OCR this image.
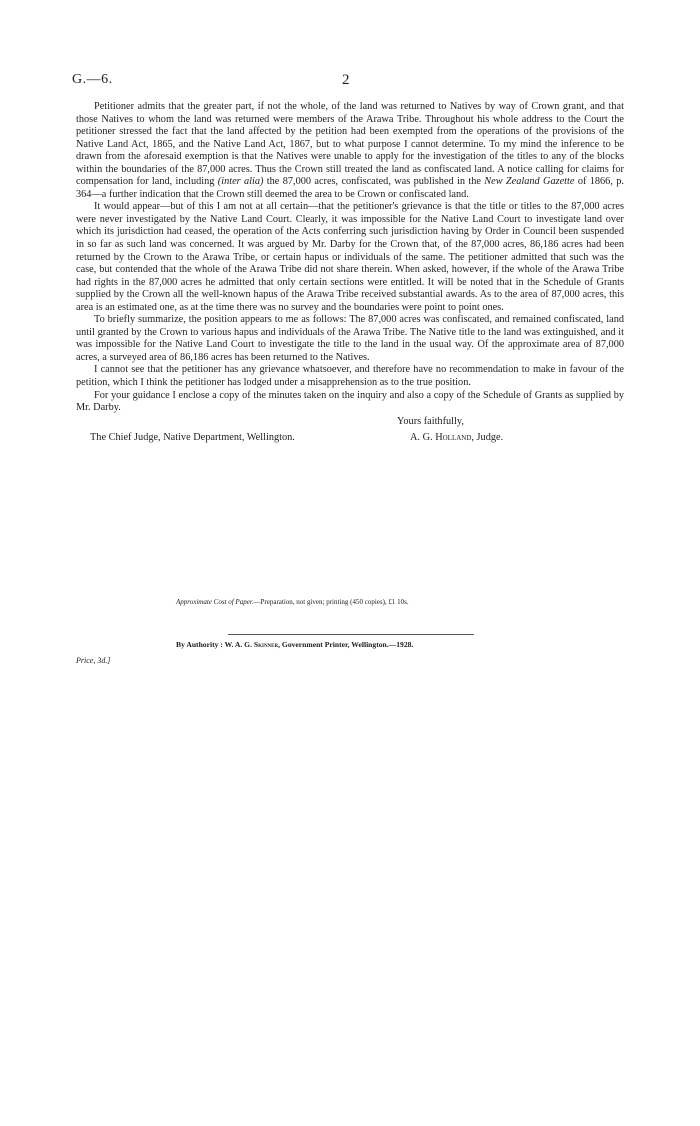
G.—6.	2

Petitioner admits that the greater part, if not the whole, of the land was returned to Natives by way of Crown grant, and that those Natives to whom the land was returned were members of the Arawa Tribe. Throughout his whole address to the Court the petitioner stressed the fact that the land affected by the petition had been exempted from the operations of the provisions of the Native Land Act, 1865, and the Native Land Act, 1867, but to what purpose I cannot determine. To my mind the inference to be drawn from the aforesaid exemption is that the Natives were unable to apply for the investigation of the titles to any of the blocks within the boundaries of the 87,000 acres. Thus the Crown still treated the land as confiscated land. A notice calling for claims for compensation for land, including (inter alia) the 87,000 acres, confiscated, was published in the New Zealand Gazette of 1866, p. 364—a further indication that the Crown still deemed the area to be Crown or confiscated land.

It would appear—but of this I am not at all certain—that the petitioner's grievance is that the title or titles to the 87,000 acres were never investigated by the Native Land Court. Clearly, it was impossible for the Native Land Court to investigate land over which its jurisdiction had ceased, the operation of the Acts conferring such jurisdiction having by Order in Council been suspended in so far as such land was concerned. It was argued by Mr. Darby for the Crown that, of the 87,000 acres, 86,186 acres had been returned by the Crown to the Arawa Tribe, or certain hapus or individuals of the same. The petitioner admitted that such was the case, but contended that the whole of the Arawa Tribe did not share therein. When asked, however, if the whole of the Arawa Tribe had rights in the 87,000 acres he admitted that only certain sections were entitled. It will be noted that in the Schedule of Grants supplied by the Crown all the well-known hapus of the Arawa Tribe received substantial awards. As to the area of 87,000 acres, this area is an estimated one, as at the time there was no survey and the boundaries were point to point ones.

To briefly summarize, the position appears to me as follows: The 87,000 acres was confiscated, and remained confiscated, land until granted by the Crown to various hapus and individuals of the Arawa Tribe. The Native title to the land was extinguished, and it was impossible for the Native Land Court to investigate the title to the land in the usual way. Of the approximate area of 87,000 acres, a surveyed area of 86,186 acres has been returned to the Natives.

I cannot see that the petitioner has any grievance whatsoever, and therefore have no recommendation to make in favour of the petition, which I think the petitioner has lodged under a misapprehension as to the true position.

For your guidance I enclose a copy of the minutes taken on the inquiry and also a copy of the Schedule of Grants as supplied by Mr. Darby.

Yours faithfully,
The Chief Judge, Native Department, Wellington.	A. G. Holland, Judge.
Approximate Cost of Paper.—Preparation, not given; printing (450 copies), £1 10s.
By Authority : W. A. G. Skinner, Government Printer, Wellington.—1928.
Price, 3d.]
